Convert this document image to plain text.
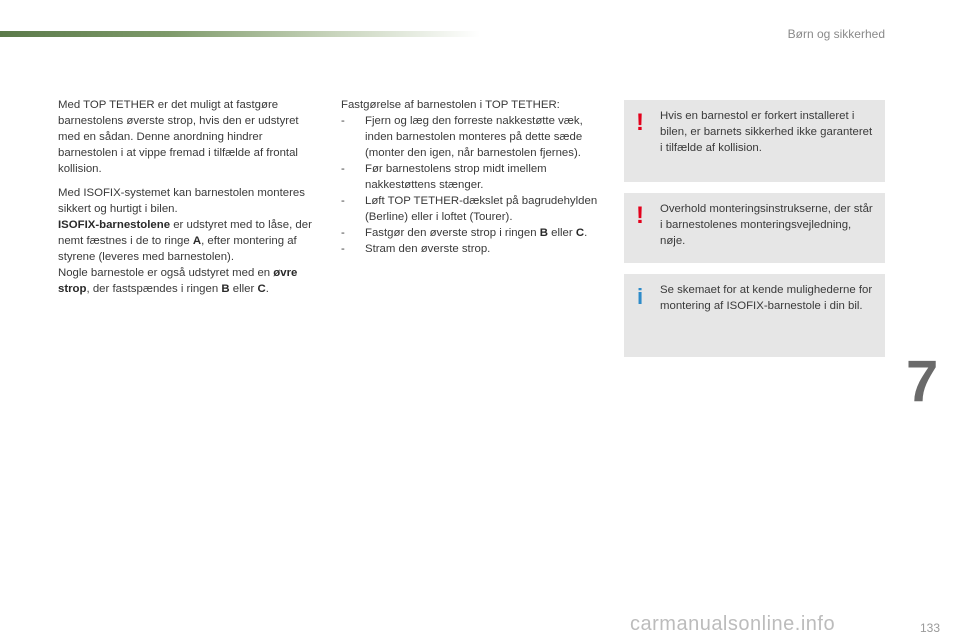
Børn og sikkerhed

Med TOP TETHER er det muligt at fastgøre barnestolens øverste strop, hvis den er udstyret med en sådan. Denne anordning hindrer barnestolen i at vippe fremad i tilfælde af frontal kollision.

Med ISOFIX-systemet kan barnestolen monteres sikkert og hurtigt i bilen.
ISOFIX-barnestolene er udstyret med to låse, der nemt fæstnes i de to ringe A, efter montering af styrene (leveres med barnestolen).

Nogle barnestole er også udstyret med en øvre strop, der fastspændes i ringen B eller C.

Fastgørelse af barnestolen i TOP TETHER:
- Fjern og læg den forreste nakkestøtte væk, inden barnestolen monteres på dette sæde (monter den igen, når barnestolen fjernes).
- Før barnestolens strop midt imellem nakkestøttens stænger.
- Løft TOP TETHER-dækslet på bagrudehylden (Berline) eller i loftet (Tourer).
- Fastgør den øverste strop i ringen B eller C.
- Stram den øverste strop.
! Hvis en barnestol er forkert installeret i bilen, er barnets sikkerhed ikke garanteret i tilfælde af kollision.
! Overhold monteringsinstrukserne, der står i barnestolenes monteringsvejledning, nøje.
i Se skemaet for at kende mulighederne for montering af ISOFIX-barnestole i din bil.
7
carmanualsonline.info	133
